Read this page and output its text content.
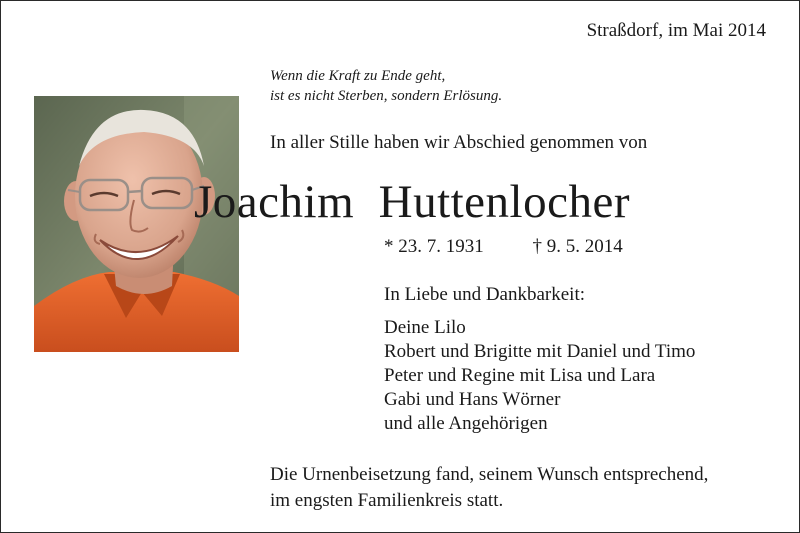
Straßdorf, im Mai 2014
Wenn die Kraft zu Ende geht,
ist es nicht Sterben, sondern Erlösung.
In aller Stille haben wir Abschied genommen von
Joachim  Huttenlocher
* 23. 7. 1931	† 9. 5. 2014
In Liebe und Dankbarkeit:
Deine Lilo
Robert und Brigitte mit Daniel und Timo
Peter und Regine mit Lisa und Lara
Gabi und Hans Wörner
und alle Angehörigen
Die Urnenbeisetzung fand, seinem Wunsch entsprechend,
im engsten Familienkreis statt.
